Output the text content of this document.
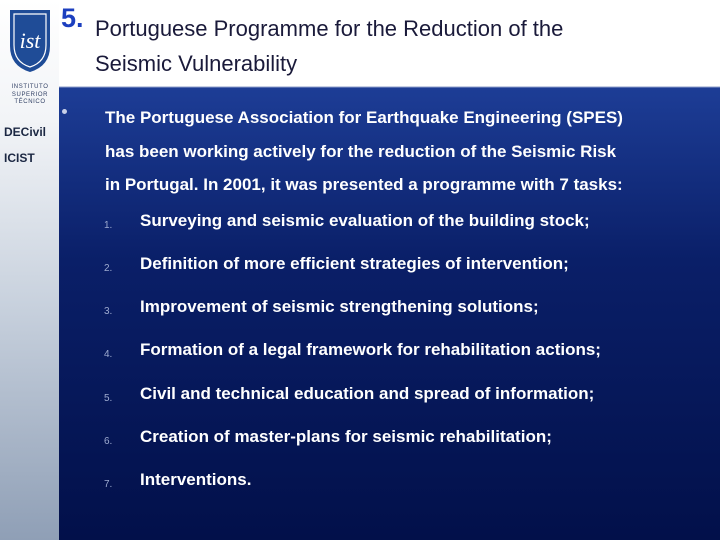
ist
INSTITUTO
SUPERIOR
TÉCNICO
DECivil
ICIST
5. Portuguese Programme for the Reduction of the
Seismic Vulnerability
The Portuguese Association for Earthquake Engineering (SPES)
has been working actively for the reduction of the Seismic Risk
in Portugal. In 2001, it was presented a programme with 7 tasks:
1. Surveying and seismic evaluation of the building stock;
2. Definition of more efficient strategies of intervention;
3. Improvement of seismic strengthening solutions;
4. Formation of a legal framework for rehabilitation actions;
5. Civil and technical education and spread of information;
6. Creation of master-plans for seismic rehabilitation;
7. Interventions.
